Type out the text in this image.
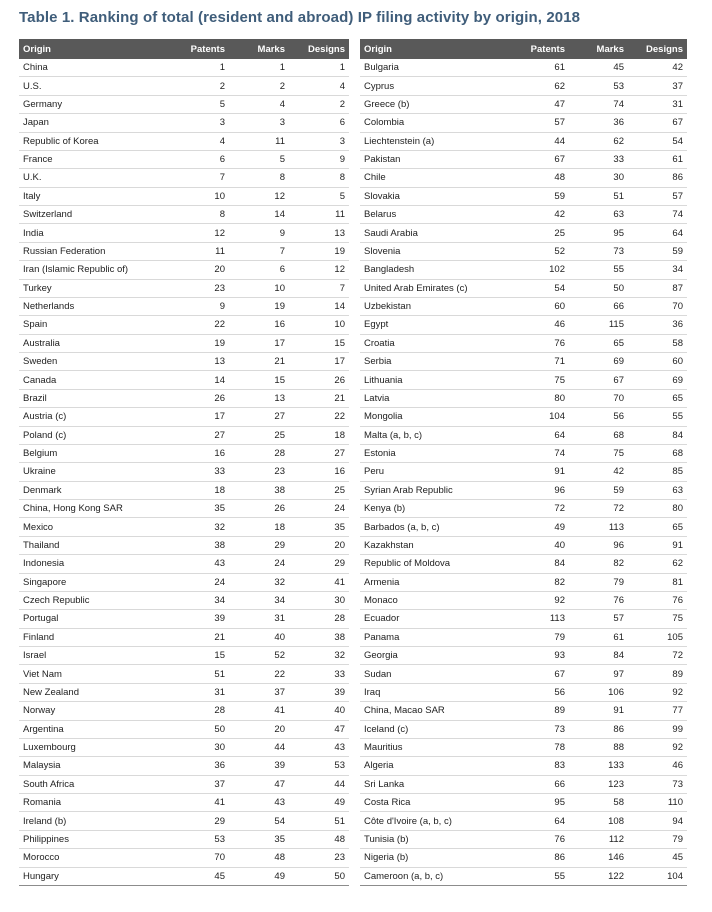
Table 1. Ranking of total (resident and abroad) IP filing activity by origin, 2018
Origin	Patents	Marks	Designs
China	1	1	1
U.S.	2	2	4
Germany	5	4	2
Japan	3	3	6
Republic of Korea	4	11	3
France	6	5	9
U.K.	7	8	8
Italy	10	12	5
Switzerland	8	14	11
India	12	9	13
Russian Federation	11	7	19
Iran (Islamic Republic of)	20	6	12
Turkey	23	10	7
Netherlands	9	19	14
Spain	22	16	10
Australia	19	17	15
Sweden	13	21	17
Canada	14	15	26
Brazil	26	13	21
Austria (c)	17	27	22
Poland (c)	27	25	18
Belgium	16	28	27
Ukraine	33	23	16
Denmark	18	38	25
China, Hong Kong SAR	35	26	24
Mexico	32	18	35
Thailand	38	29	20
Indonesia	43	24	29
Singapore	24	32	41
Czech Republic	34	34	30
Portugal	39	31	28
Finland	21	40	38
Israel	15	52	32
Viet Nam	51	22	33
New Zealand	31	37	39
Norway	28	41	40
Argentina	50	20	47
Luxembourg	30	44	43
Malaysia	36	39	53
South Africa	37	47	44
Romania	41	43	49
Ireland (b)	29	54	51
Philippines	53	35	48
Morocco	70	48	23
Hungary	45	49	50
Origin	Patents	Marks	Designs
Bulgaria	61	45	42
Cyprus	62	53	37
Greece (b)	47	74	31
Colombia	57	36	67
Liechtenstein (a)	44	62	54
Pakistan	67	33	61
Chile	48	30	86
Slovakia	59	51	57
Belarus	42	63	74
Saudi Arabia	25	95	64
Slovenia	52	73	59
Bangladesh	102	55	34
United Arab Emirates (c)	54	50	87
Uzbekistan	60	66	70
Egypt	46	115	36
Croatia	76	65	58
Serbia	71	69	60
Lithuania	75	67	69
Latvia	80	70	65
Mongolia	104	56	55
Malta (a, b, c)	64	68	84
Estonia	74	75	68
Peru	91	42	85
Syrian Arab Republic	96	59	63
Kenya (b)	72	72	80
Barbados (a, b, c)	49	113	65
Kazakhstan	40	96	91
Republic of Moldova	84	82	62
Armenia	82	79	81
Monaco	92	76	76
Ecuador	113	57	75
Panama	79	61	105
Georgia	93	84	72
Sudan	67	97	89
Iraq	56	106	92
China, Macao SAR	89	91	77
Iceland (c)	73	86	99
Mauritius	78	88	92
Algeria	83	133	46
Sri Lanka	66	123	73
Costa Rica	95	58	110
Côte d'Ivoire (a, b, c)	64	108	94
Tunisia (b)	76	112	79
Nigeria (b)	86	146	45
Cameroon (a, b, c)	55	122	104
